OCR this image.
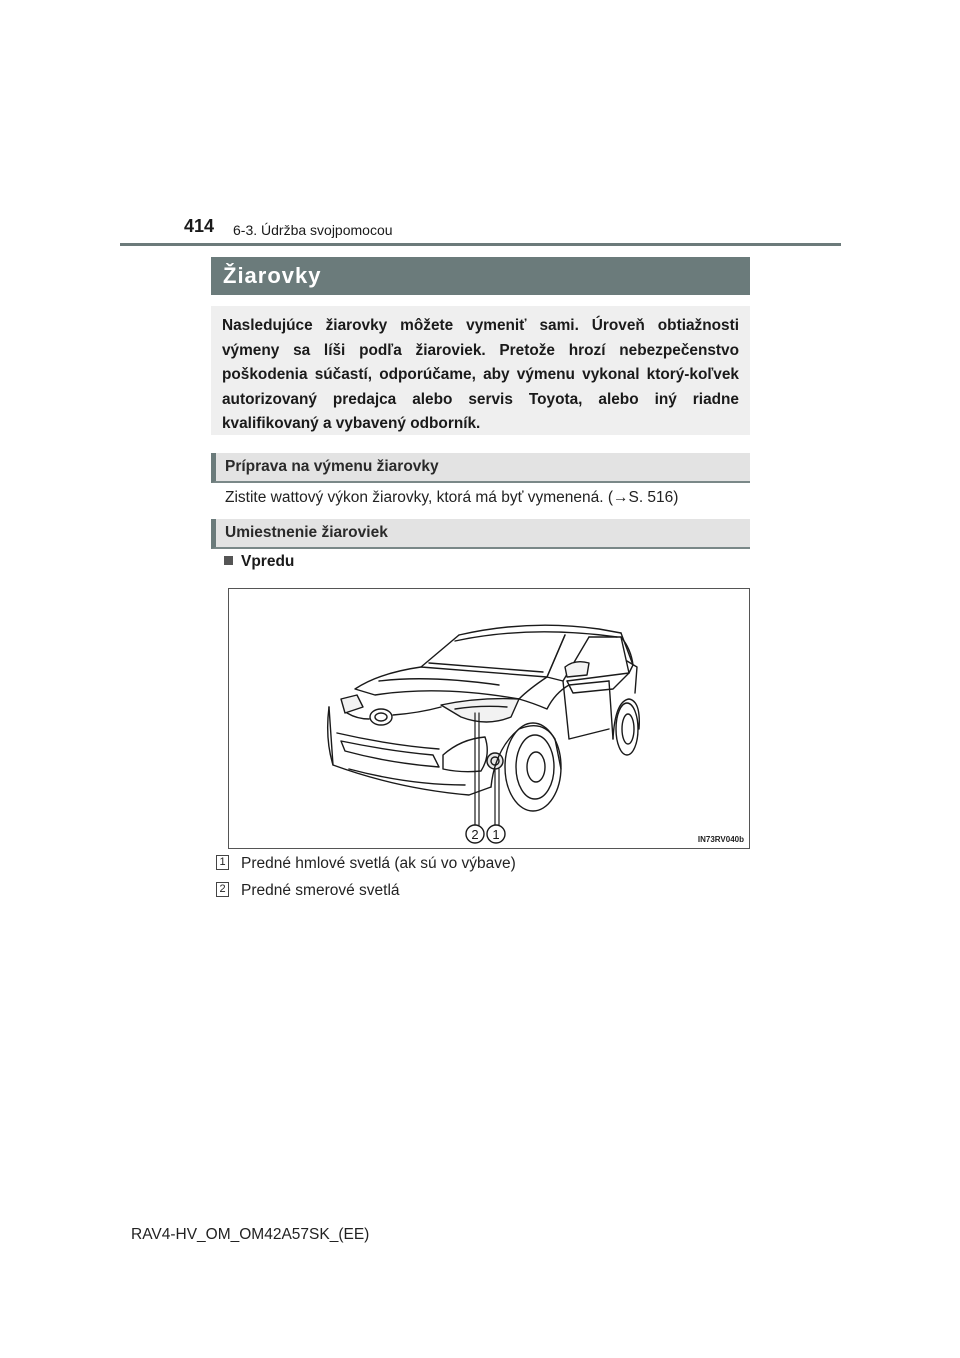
414 6-3. Údržba svojpomocou
Žiarovky
Nasledujúce žiarovky môžete vymeniť sami. Úroveň obtiažnosti výmeny sa líši podľa žiaroviek. Pretože hrozí nebezpečenstvo poškodenia súčastí, odporúčame, aby výmenu vykonal ktorý-koľvek autorizovaný predajca alebo servis Toyota, alebo iný riadne kvalifikovaný a vybavený odborník.
Príprava na výmenu žiarovky
Zistite wattový výkon žiarovky, ktorá má byť vymenená. (→S. 516)
Umiestnenie žiaroviek
Vpredu
2 1	IN73RV040b
1 Predné hmlové svetlá (ak sú vo výbave)
2 Predné smerové svetlá
RAV4-HV_OM_OM42A57SK_(EE)
